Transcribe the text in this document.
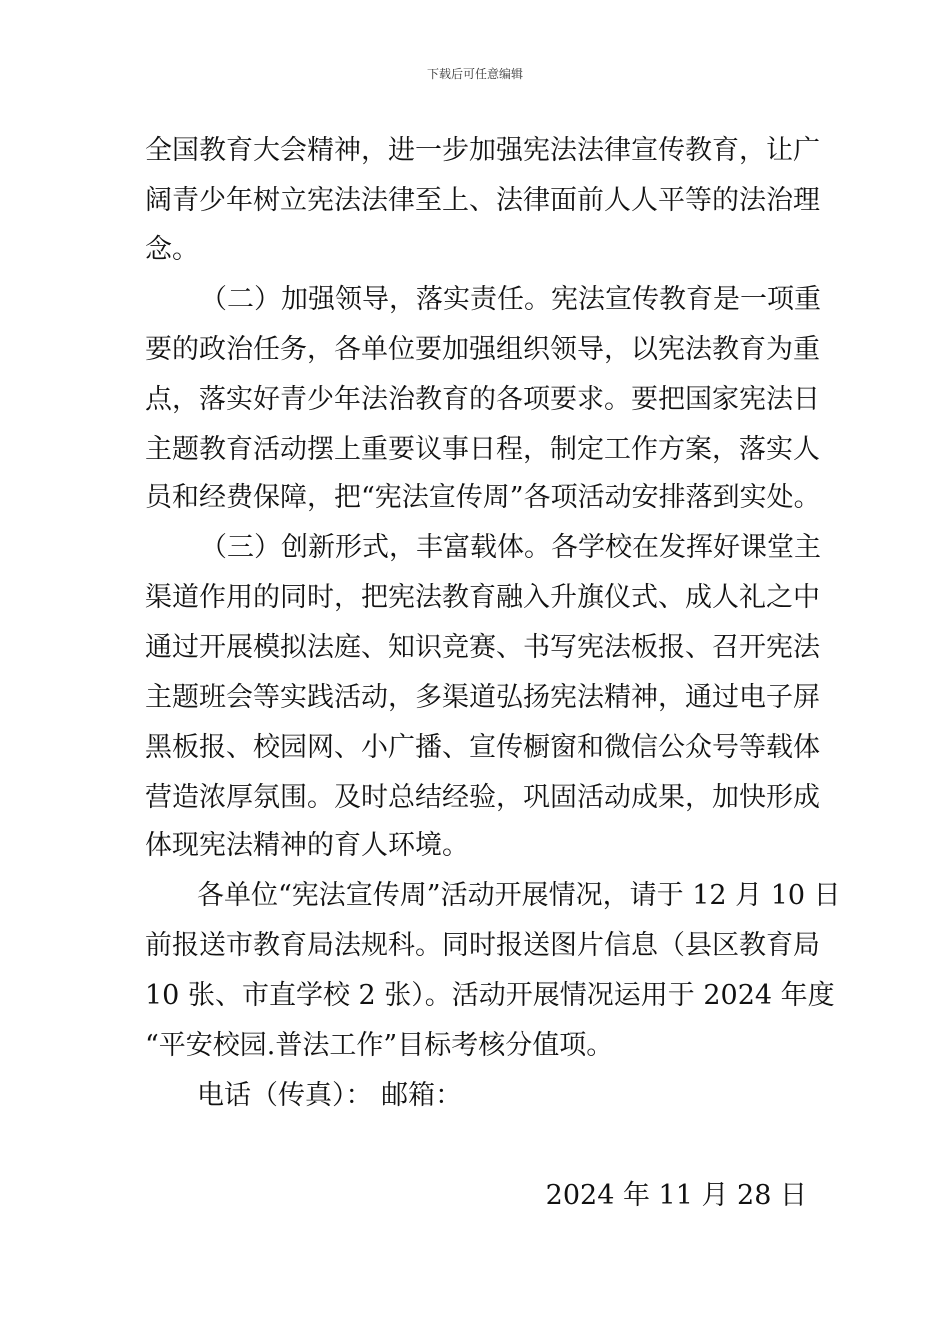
下载后可任意编辑
全国教育大会精神，进一步加强宪法法律宣传教育，让广
阔青少年树立宪法法律至上、法律面前人人平等的法治理
念。
（二）加强领导，落实责任。宪法宣传教育是一项重
要的政治任务，各单位要加强组织领导，以宪法教育为重
点，落实好青少年法治教育的各项要求。要把国家宪法日
主题教育活动摆上重要议事日程，制定工作方案，落实人
员和经费保障，把“宪法宣传周”各项活动安排落到实处。
（三）创新形式，丰富载体。各学校在发挥好课堂主
渠道作用的同时，把宪法教育融入升旗仪式、成人礼之中
通过开展模拟法庭、知识竞赛、书写宪法板报、召开宪法
主题班会等实践活动，多渠道弘扬宪法精神，通过电子屏
黑板报、校园网、小广播、宣传橱窗和微信公众号等载体
营造浓厚氛围。及时总结经验，巩固活动成果，加快形成
体现宪法精神的育人环境。
各单位“宪法宣传周”活动开展情况，请于 12 月 10 日
前报送市教育局法规科。同时报送图片信息（县区教育局
10 张、市直学校 2 张）。活动开展情况运用于 2024 年度
“平安校园.普法工作”目标考核分值项。
电话（传真）： 邮箱：
2024 年 11 月 28 日
